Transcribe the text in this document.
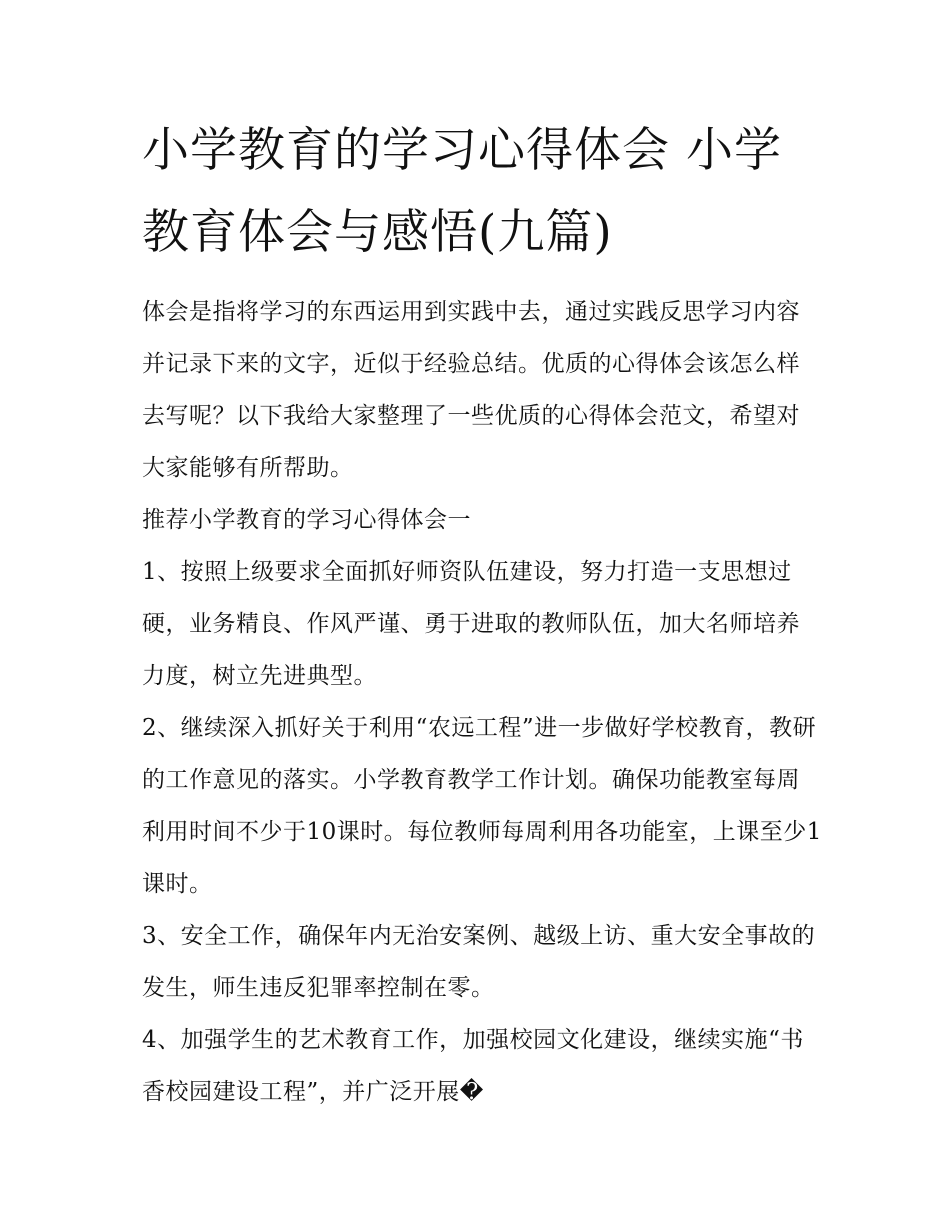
小学教育的学习心得体会 小学教育体会与感悟(九篇)

体会是指将学习的东西运用到实践中去，通过实践反思学习内容并记录下来的文字，近似于经验总结。优质的心得体会该怎么样去写呢？以下我给大家整理了一些优质的心得体会范文，希望对大家能够有所帮助。

推荐小学教育的学习心得体会一

1、按照上级要求全面抓好师资队伍建设，努力打造一支思想过硬，业务精良、作风严谨、勇于进取的教师队伍，加大名师培养力度，树立先进典型。

2、继续深入抓好关于利用“农远工程”进一步做好学校教育，教研的工作意见的落实。小学教育教学工作计划。确保功能教室每周利用时间不少于10课时。每位教师每周利用各功能室，上课至少1课时。

3、安全工作，确保年内无治安案例、越级上访、重大安全事故的发生，师生违反犯罪率控制在零。

4、加强学生的艺术教育工作，加强校园文化建设，继续实施“书香校园建设工程”，并广泛开展�
